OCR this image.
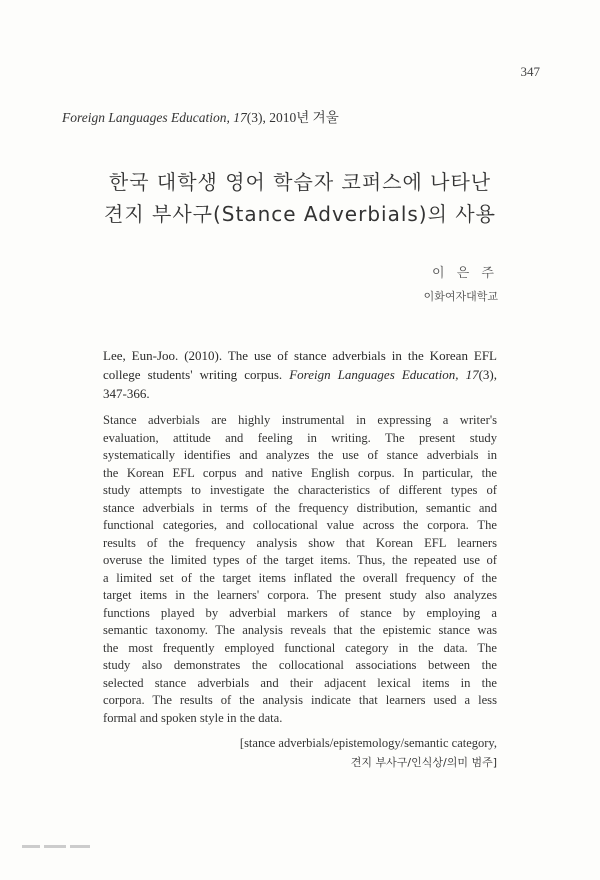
347
Foreign Languages Education, 17(3), 2010년 겨울
한국 대학생 영어 학습자 코퍼스에 나타난
견지 부사구(Stance Adverbials)의 사용
이 은 주
이화여자대학교
Lee, Eun-Joo. (2010). The use of stance adverbials in the Korean EFL college students' writing corpus. Foreign Languages Education, 17(3), 347-366.
Stance adverbials are highly instrumental in expressing a writer's
evaluation, attitude and feeling in writing. The present study
systematically identifies and analyzes the use of stance adverbials in
the Korean EFL corpus and native English corpus. In particular, the
study attempts to investigate the characteristics of different types of
stance adverbials in terms of the frequency distribution, semantic and
functional categories, and collocational value across the corpora. The
results of the frequency analysis show that Korean EFL learners
overuse the limited types of the target items. Thus, the repeated use of
a limited set of the target items inflated the overall frequency of the
target items in the learners' corpora. The present study also analyzes
functions played by adverbial markers of stance by employing a
semantic taxonomy. The analysis reveals that the epistemic stance was
the most frequently employed functional category in the data. The
study also demonstrates the collocational associations between the
selected stance adverbials and their adjacent lexical items in the
corpora. The results of the analysis indicate that learners used a less
formal and spoken style in the data.
[stance adverbials/epistemology/semantic category,
견지 부사구/인식상/의미 범주]
